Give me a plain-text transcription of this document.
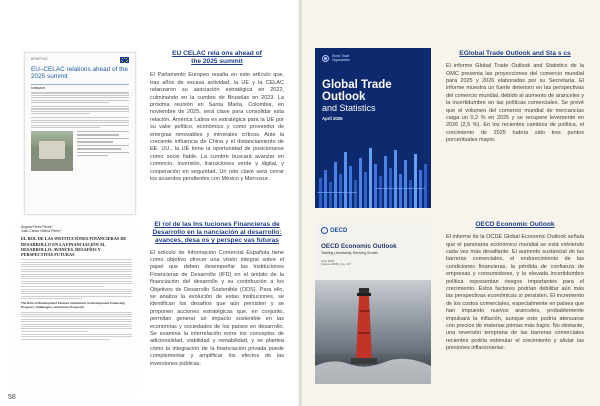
BRIEFING
EU–CELAC relations ahead of the 2025 summit
SUMMARY
EU CELAC rela ons ahead of
the 2025 summit
El Parlamento Europeo resalta en este artículo que, tras años de escasa actividad, la UE y la CELAC relanzaron su asociación estratégica en 2022, culminando en la cumbre de Bruselas en 2023. La próxima reunión en Santa Marta, Colombia, en noviembre de 2025, será clave para consolidar esta relación. América Latina es estratégica para la UE por su valor político, económico y como proveedor de energías renovables y minerales críticos. Ante la creciente influencia de China y el distanciamiento de EE. UU., la UE tiene la oportunidad de posicionarse como socio fiable. La cumbre buscará avanzar en comercio, inversión, transiciones verde y digital, y cooperación en seguridad. Un reto clave será cerrar los acuerdos pendientes con México y Mercosur.
Ángela Pérez Pérez*
Juan Carlos Villena Pérez*
EL ROL DE LAS INSTITUCIONES FINANCIERAS DE DESARROLLO EN LA FINANCIACIÓN AL DESARROLLO: AVANCES, DESAFÍOS Y PERSPECTIVAS FUTURAS
The Role of Development Finance Institutions in Development Financing: Progress, Challenges, and Future Prospects
El rol de las Ins tuciones Financieras de
Desarrollo en la nanciación al desarrollo:
avances, desa os y perspec vas futuras
El artículo de Información Comercial Española tiene como objetivo ofrecer una visión integral sobre el papel que deben desempeñar las Instituciones Financieras de Desarrollo (IFD) en el ámbito de la financiación del desarrollo y su contribución a los Objetivos de Desarrollo Sostenible (ODS). Para ello, se analiza la evolución de estas instituciones, se identifican los desafíos que aún persisten y se proponen acciones estratégicas que, en conjunto, permitan generar un impacto sostenible en las economías y sociedades de los países en desarrollo. Se examina la interrelación entre los conceptos de adicionalidad, viabilidad y rentabilidad, y se plantea cómo la integración de la financiación privada puede complementar y amplificar los efectos de las inversiones públicas.
World Trade
Organization
Global Trade Outlook
and Statistics
April 2025
EGlobal Trade Outlook and Sta s cs
El informe Global Trade Outlook and Statistics de la OMC presenta las proyecciones del comercio mundial para 2025 y 2026 elaboradas por su Secretaría. El informe muestra un fuerte deterioro en las perspectivas del comercio mundial, debido al aumento de aranceles y la incertidumbre en las políticas comerciales. Se prevé que el volumen del comercio mundial de mercancías caiga un 0,2 % en 2025 y se recupere levemente en 2026 (2,5 %). En los recientes cambios de política, el crecimiento de 2025 habría sido tres puntos porcentuales mayor.
OECD
OECD Economic Outlook
Tackling Uncertainty, Reviving Growth
June 2025
Volume 2025/1, No. 117
OECD Economic Outlook
El informe de la OCDE Global Economic Outlook señala que el panorama económico mundial se está volviendo cada vez más desafiante. El aumento sustancial de las barreras comerciales, el endurecimiento de las condiciones financieras, la pérdida de confianza de empresas y consumidores, y la elevada incertidumbre política representan riesgos importantes para el crecimiento. Estos factores podrían debilitar aún más las perspectivas económicas si persisten. El incremento de los costos comerciales, especialmente en países que han impuesto nuevos aranceles, probablemente impulsará la inflación, aunque esto podría atenuarse con precios de materias primas más bajos. No obstante, una reversión temprana de las barreras comerciales recientes podría estimular el crecimiento y aliviar las presiones inflacionarias.
58
